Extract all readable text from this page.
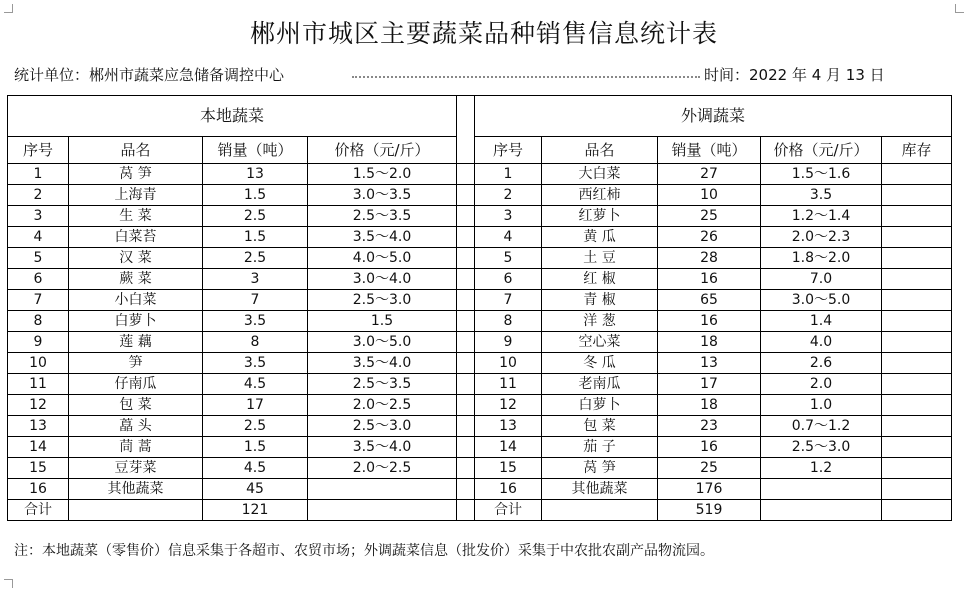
郴州市城区主要蔬菜品种销售信息统计表
统计单位：郴州市蔬菜应急储备调控中心	时间：2022 年 4 月 13 日
本地蔬菜					外调蔬菜				
序号	品名	销量（吨）	价格（元/斤）		序号	品名	销量（吨）	价格（元/斤）	库存
1	莴 笋	13	1.5～2.0		1	大白菜	27	1.5～1.6	
2	上海青	1.5	3.0～3.5		2	西红柿	10	3.5	
3	生 菜	2.5	2.5～3.5		3	红萝卜	25	1.2～1.4	
4	白菜苔	1.5	3.5～4.0		4	黄 瓜	26	2.0～2.3	
5	汉 菜	2.5	4.0～5.0		5	土 豆	28	1.8～2.0	
6	蕨 菜	3	3.0～4.0		6	红 椒	16	7.0	
7	小白菜	7	2.5～3.0		7	青 椒	65	3.0～5.0	
8	白萝卜	3.5	1.5		8	洋 葱	16	1.4	
9	莲 藕	8	3.0～5.0		9	空心菜	18	4.0	
10	笋	3.5	3.5～4.0		10	冬 瓜	13	2.6	
11	仔南瓜	4.5	2.5～3.5		11	老南瓜	17	2.0	
12	包 菜	17	2.0～2.5		12	白萝卜	18	1.0	
13	藠 头	2.5	2.5～3.0		13	包 菜	23	0.7～1.2	
14	茼 蒿	1.5	3.5～4.0		14	茄 子	16	2.5～3.0	
15	豆芽菜	4.5	2.0～2.5		15	莴 笋	25	1.2	
16	其他蔬菜	45			16	其他蔬菜	176		
合计		121			合计		519		
注：本地蔬菜（零售价）信息采集于各超市、农贸市场；外调蔬菜信息（批发价）采集于中农批农副产品物流园。
